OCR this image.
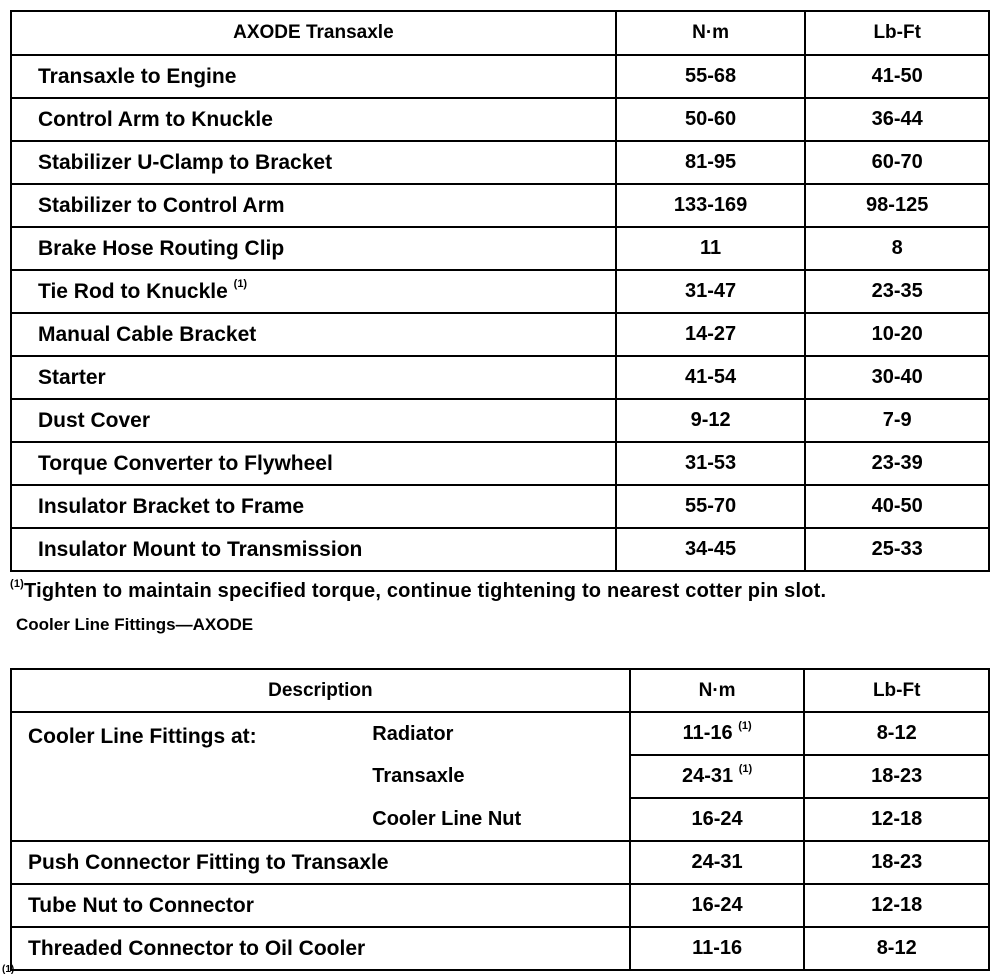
AXODE Transaxle	N·m	Lb-Ft
Transaxle to Engine	55-68	41-50
Control Arm to Knuckle	50-60	36-44
Stabilizer U-Clamp to Bracket	81-95	60-70
Stabilizer to Control Arm	133-169	98-125
Brake Hose Routing Clip	11	8
Tie Rod to Knuckle $^{(1)}$	31-47	23-35
Manual Cable Bracket	14-27	10-20
Starter	41-54	30-40
Dust Cover	9-12	7-9
Torque Converter to Flywheel	31-53	23-39
Insulator Bracket to Frame	55-70	40-50
Insulator Mount to Transmission	34-45	25-33
$^{(1)}$Tighten to maintain specified torque, continue tightening to nearest cotter pin slot.
Cooler Line Fittings—AXODE
Description		N·m	Lb-Ft
Cooler Line Fittings at:	Radiator	11-16 $^{(1)}$	8-12
	Transaxle	24-31 $^{(1)}$	18-23
	Cooler Line Nut	16-24	12-18
Push Connector Fitting to Transaxle		24-31	18-23
Tube Nut to Connector		16-24	12-18
Threaded Connector to Oil Cooler		11-16	8-12
(1)
